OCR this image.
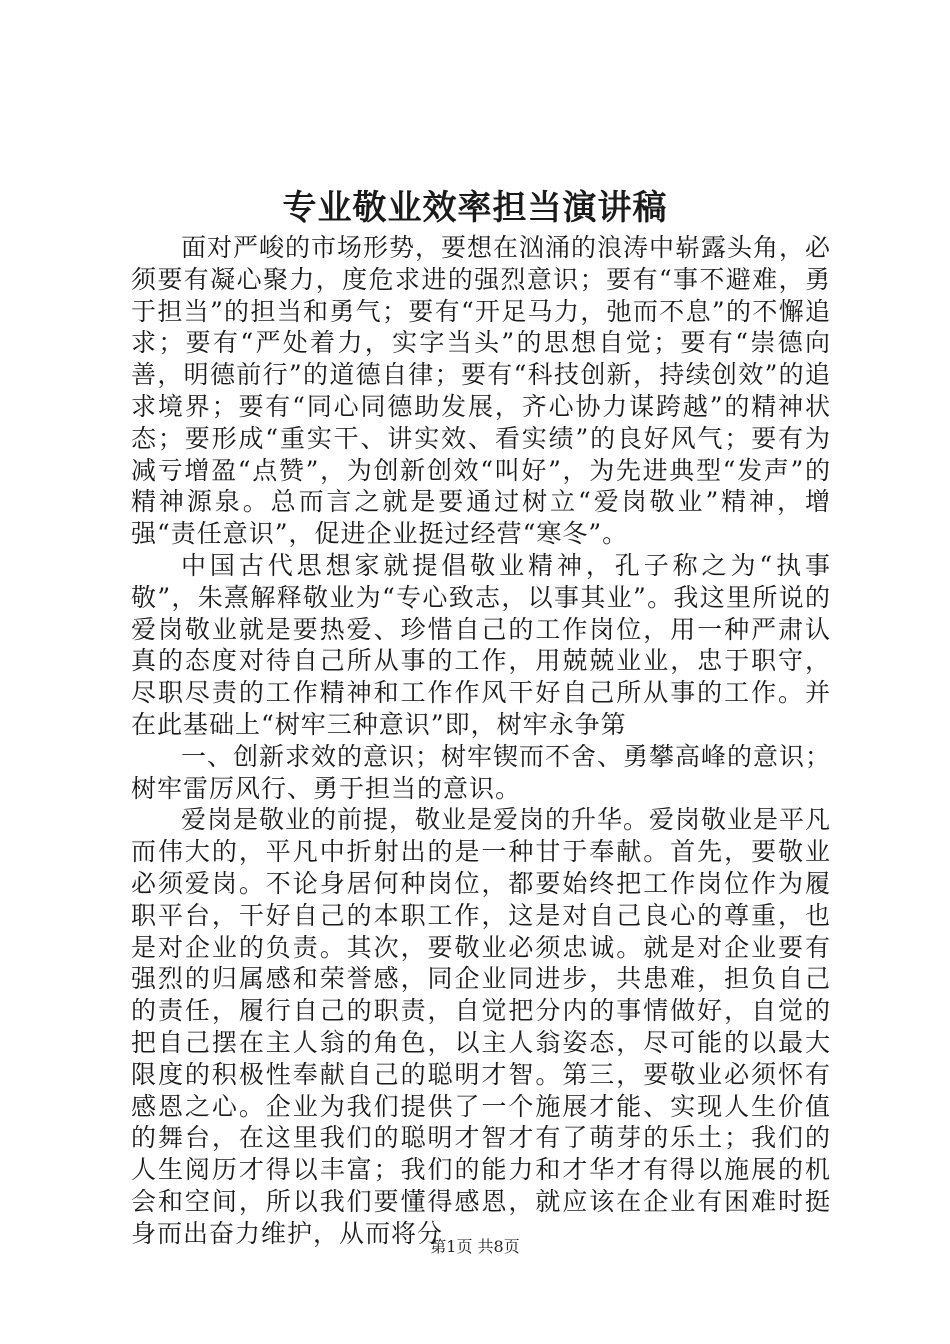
专业敬业效率担当演讲稿

面对严峻的市场形势，要想在汹涌的浪涛中崭露头角，必须要有凝心聚力，度危求进的强烈意识；要有“事不避难，勇于担当”的担当和勇气；要有“开足马力，弛而不息”的不懈追求；要有“严处着力，实字当头”的思想自觉；要有“崇德向善，明德前行”的道德自律；要有“科技创新，持续创效”的追求境界；要有“同心同德助发展，齐心协力谋跨越”的精神状态；要形成“重实干、讲实效、看实绩”的良好风气；要有为减亏增盈“点赞”，为创新创效“叫好”，为先进典型“发声”的精神源泉。总而言之就是要通过树立“爱岗敬业”精神，增强“责任意识”，促进企业挺过经营“寒冬”。

中国古代思想家就提倡敬业精神，孔子称之为“执事敬”，朱熹解释敬业为“专心致志，以事其业”。我这里所说的爱岗敬业就是要热爱、珍惜自己的工作岗位，用一种严肃认真的态度对待自己所从事的工作，用兢兢业业，忠于职守，尽职尽责的工作精神和工作作风干好自己所从事的工作。并在此基础上“树牢三种意识”即，树牢永争第

一、创新求效的意识；树牢锲而不舍、勇攀高峰的意识；树牢雷厉风行、勇于担当的意识。

爱岗是敬业的前提，敬业是爱岗的升华。爱岗敬业是平凡而伟大的，平凡中折射出的是一种甘于奉献。首先，要敬业必须爱岗。不论身居何种岗位，都要始终把工作岗位作为履职平台，干好自己的本职工作，这是对自己良心的尊重，也是对企业的负责。其次，要敬业必须忠诚。就是对企业要有强烈的归属感和荣誉感，同企业同进步，共患难，担负自己的责任，履行自己的职责，自觉把分内的事情做好，自觉的把自己摆在主人翁的角色，以主人翁姿态，尽可能的以最大限度的积极性奉献自己的聪明才智。第三，要敬业必须怀有感恩之心。企业为我们提供了一个施展才能、实现人生价值的舞台，在这里我们的聪明才智才有了萌芽的乐土；我们的人生阅历才得以丰富；我们的能力和才华才有得以施展的机会和空间，所以我们要懂得感恩，就应该在企业有困难时挺身而出奋力维护，从而将分

第1页 共8页
